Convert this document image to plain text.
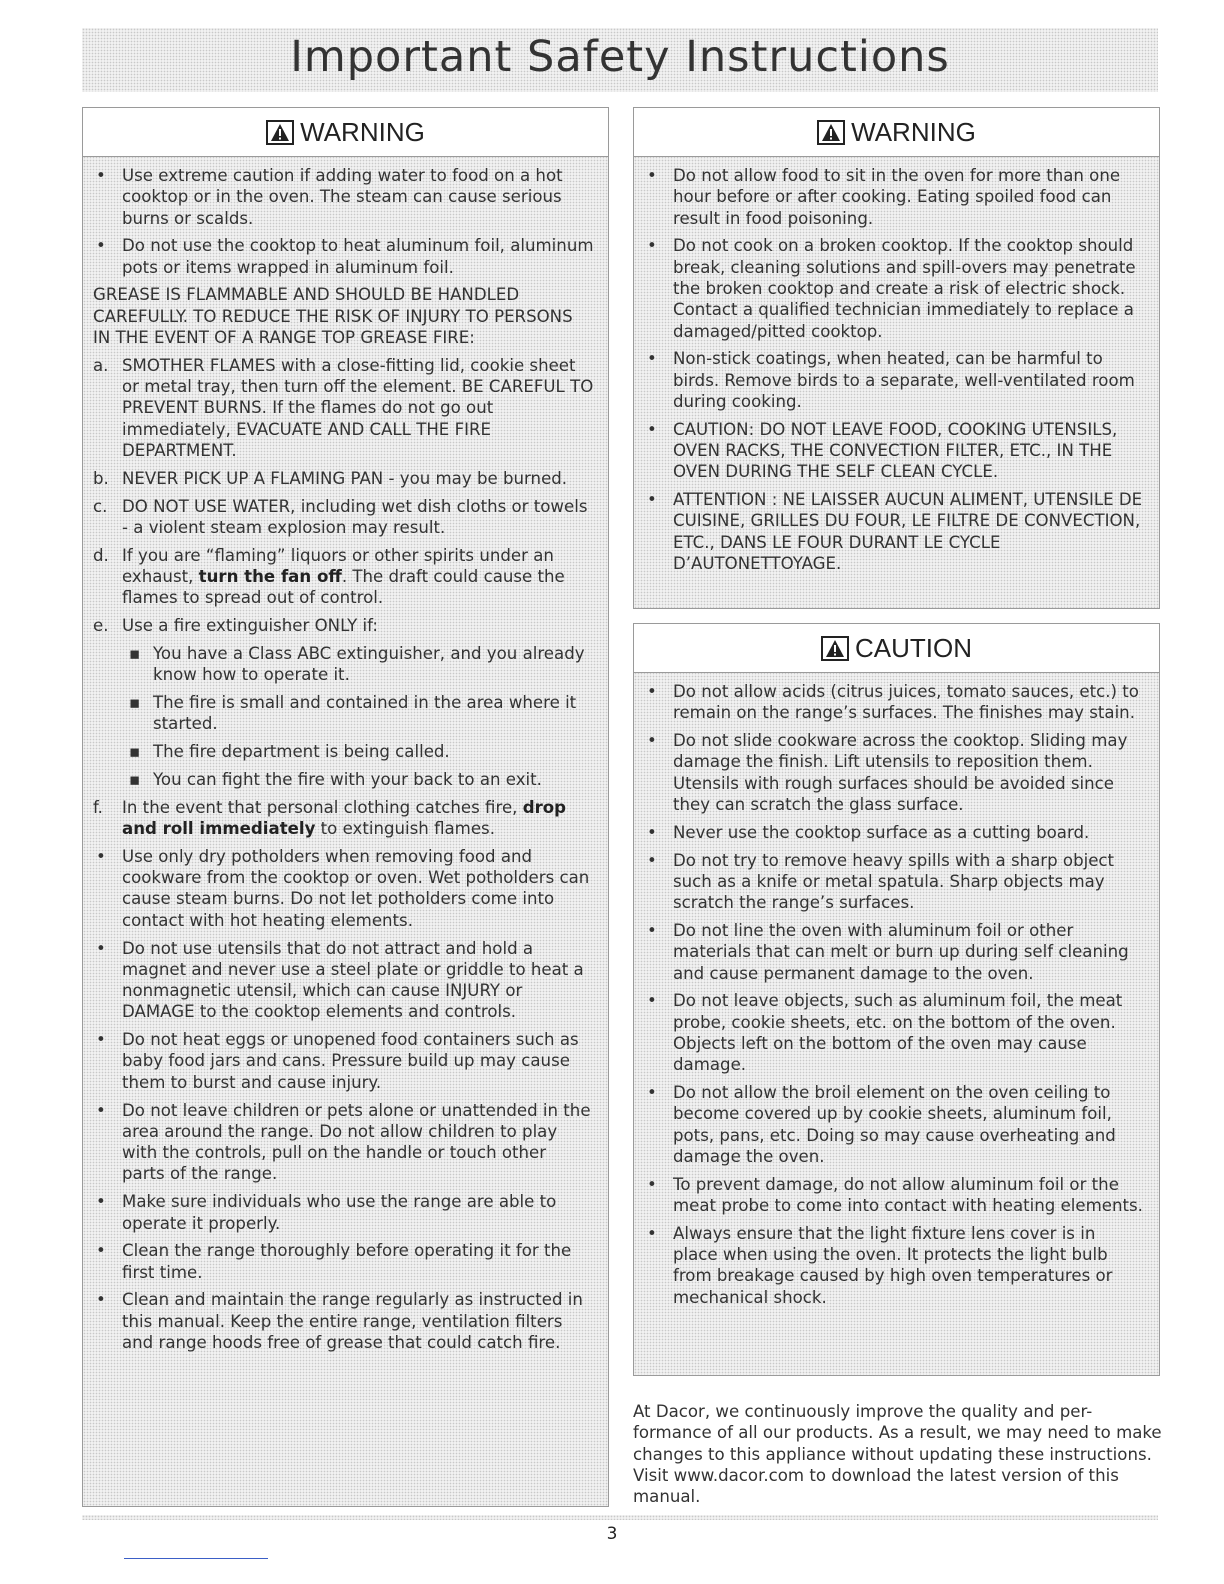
Important Safety Instructions
WARNING
• Use extreme caution if adding water to food on a hot cooktop or in the oven. The steam can cause serious burns or scalds.
• Do not use the cooktop to heat aluminum foil, aluminum pots or items wrapped in aluminum foil.
GREASE IS FLAMMABLE AND SHOULD BE HANDLED CAREFULLY. TO REDUCE THE RISK OF INJURY TO PERSONS IN THE EVENT OF A RANGE TOP GREASE FIRE:
a. SMOTHER FLAMES with a close-fitting lid, cookie sheet or metal tray, then turn off the element. BE CAREFUL TO PREVENT BURNS. If the flames do not go out immediately, EVACUATE AND CALL THE FIRE DEPARTMENT.
b. NEVER PICK UP A FLAMING PAN - you may be burned.
c. DO NOT USE WATER, including wet dish cloths or towels - a violent steam explosion may result.
d. If you are “flaming” liquors or other spirits under an exhaust, turn the fan off. The draft could cause the flames to spread out of control.
e. Use a fire extinguisher ONLY if:
▪ You have a Class ABC extinguisher, and you already know how to operate it.
▪ The fire is small and contained in the area where it started.
▪ The fire department is being called.
▪ You can fight the fire with your back to an exit.
f. In the event that personal clothing catches fire, drop and roll immediately to extinguish flames.
• Use only dry potholders when removing food and cookware from the cooktop or oven. Wet potholders can cause steam burns. Do not let potholders come into contact with hot heating elements.
• Do not use utensils that do not attract and hold a magnet and never use a steel plate or griddle to heat a nonmagnetic utensil, which can cause INJURY or DAMAGE to the cooktop elements and controls.
• Do not heat eggs or unopened food containers such as baby food jars and cans. Pressure build up may cause them to burst and cause injury.
• Do not leave children or pets alone or unattended in the area around the range. Do not allow children to play with the controls, pull on the handle or touch other parts of the range.
• Make sure individuals who use the range are able to operate it properly.
• Clean the range thoroughly before operating it for the first time.
• Clean and maintain the range regularly as instructed in this manual. Keep the entire range, ventilation filters and range hoods free of grease that could catch fire.
WARNING
• Do not allow food to sit in the oven for more than one hour before or after cooking. Eating spoiled food can result in food poisoning.
• Do not cook on a broken cooktop. If the cooktop should break, cleaning solutions and spill-overs may penetrate the broken cooktop and create a risk of electric shock. Contact a qualified technician immediately to replace a damaged/pitted cooktop.
• Non-stick coatings, when heated, can be harmful to birds. Remove birds to a separate, well-ventilated room during cooking.
• CAUTION: DO NOT LEAVE FOOD, COOKING UTENSILS, OVEN RACKS, THE CONVECTION FILTER, ETC., IN THE OVEN DURING THE SELF CLEAN CYCLE.
• ATTENTION : NE LAISSER AUCUN ALIMENT, UTENSILE DE CUISINE, GRILLES DU FOUR, LE FILTRE DE CONVECTION, ETC., DANS LE FOUR DURANT LE CYCLE D’AUTONETTOYAGE.
CAUTION
• Do not allow acids (citrus juices, tomato sauces, etc.) to remain on the range’s surfaces. The finishes may stain.
• Do not slide cookware across the cooktop. Sliding may damage the finish. Lift utensils to reposition them. Utensils with rough surfaces should be avoided since they can scratch the glass surface.
• Never use the cooktop surface as a cutting board.
• Do not try to remove heavy spills with a sharp object such as a knife or metal spatula. Sharp objects may scratch the range’s surfaces.
• Do not line the oven with aluminum foil or other materials that can melt or burn up during self cleaning and cause permanent damage to the oven.
• Do not leave objects, such as aluminum foil, the meat probe, cookie sheets, etc. on the bottom of the oven. Objects left on the bottom of the oven may cause damage.
• Do not allow the broil element on the oven ceiling to become covered up by cookie sheets, aluminum foil, pots, pans, etc. Doing so may cause overheating and damage the oven.
• To prevent damage, do not allow aluminum foil or the meat probe to come into contact with heating elements.
• Always ensure that the light fixture lens cover is in place when using the oven. It protects the light bulb from breakage caused by high oven temperatures or mechanical shock.
At Dacor, we continuously improve the quality and per-formance of all our products. As a result, we may need to make changes to this appliance without updating these instructions. Visit www.dacor.com to download the latest version of this manual.
3
